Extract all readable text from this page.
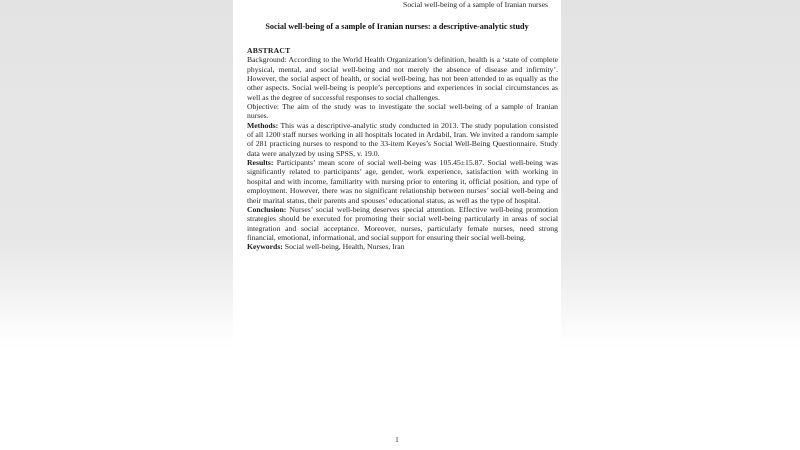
Social well-being of a sample of Iranian nurses
Social well-being of a sample of Iranian nurses: a descriptive-analytic study
ABSTRACT

Background: According to the World Health Organization’s definition, health is a ‘state of complete physical, mental, and social well-being and not merely the absence of disease and infirmity’. However, the social aspect of health, or social well-being, has not been attended to as equally as the other aspects. Social well-being is people’s perceptions and experiences in social circumstances as well as the degree of successful responses to social challenges.

Objective: The aim of the study was to investigate the social well-being of a sample of Iranian nurses.

Methods: This was a descriptive-analytic study conducted in 2013. The study population consisted of all 1200 staff nurses working in all hospitals located in Ardabil, Iran. We invited a random sample of 281 practicing nurses to respond to the 33-item Keyes’s Social Well-Being Questionnaire. Study data were analyzed by using SPSS, v. 19.0.

Results: Participants’ mean score of social well-being was 105.45±15.87. Social well-being was significantly related to participants’ age, gender, work experience, satisfaction with working in hospital and with income, familiarity with nursing prior to entering it, official position, and type of employment. However, there was no significant relationship between nurses’ social well-being and their marital status, their parents and spouses’ educational status, as well as the type of hospital.

Conclusion: Nurses’ social well-being deserves special attention. Effective well-being promotion strategies should be executed for promoting their social well-being particularly in areas of social integration and social acceptance. Moreover, nurses, particularly female nurses, need strong financial, emotional, informational, and social support for ensuring their social well-being.

Keywords: Social well-being, Health, Nurses, Iran

1
